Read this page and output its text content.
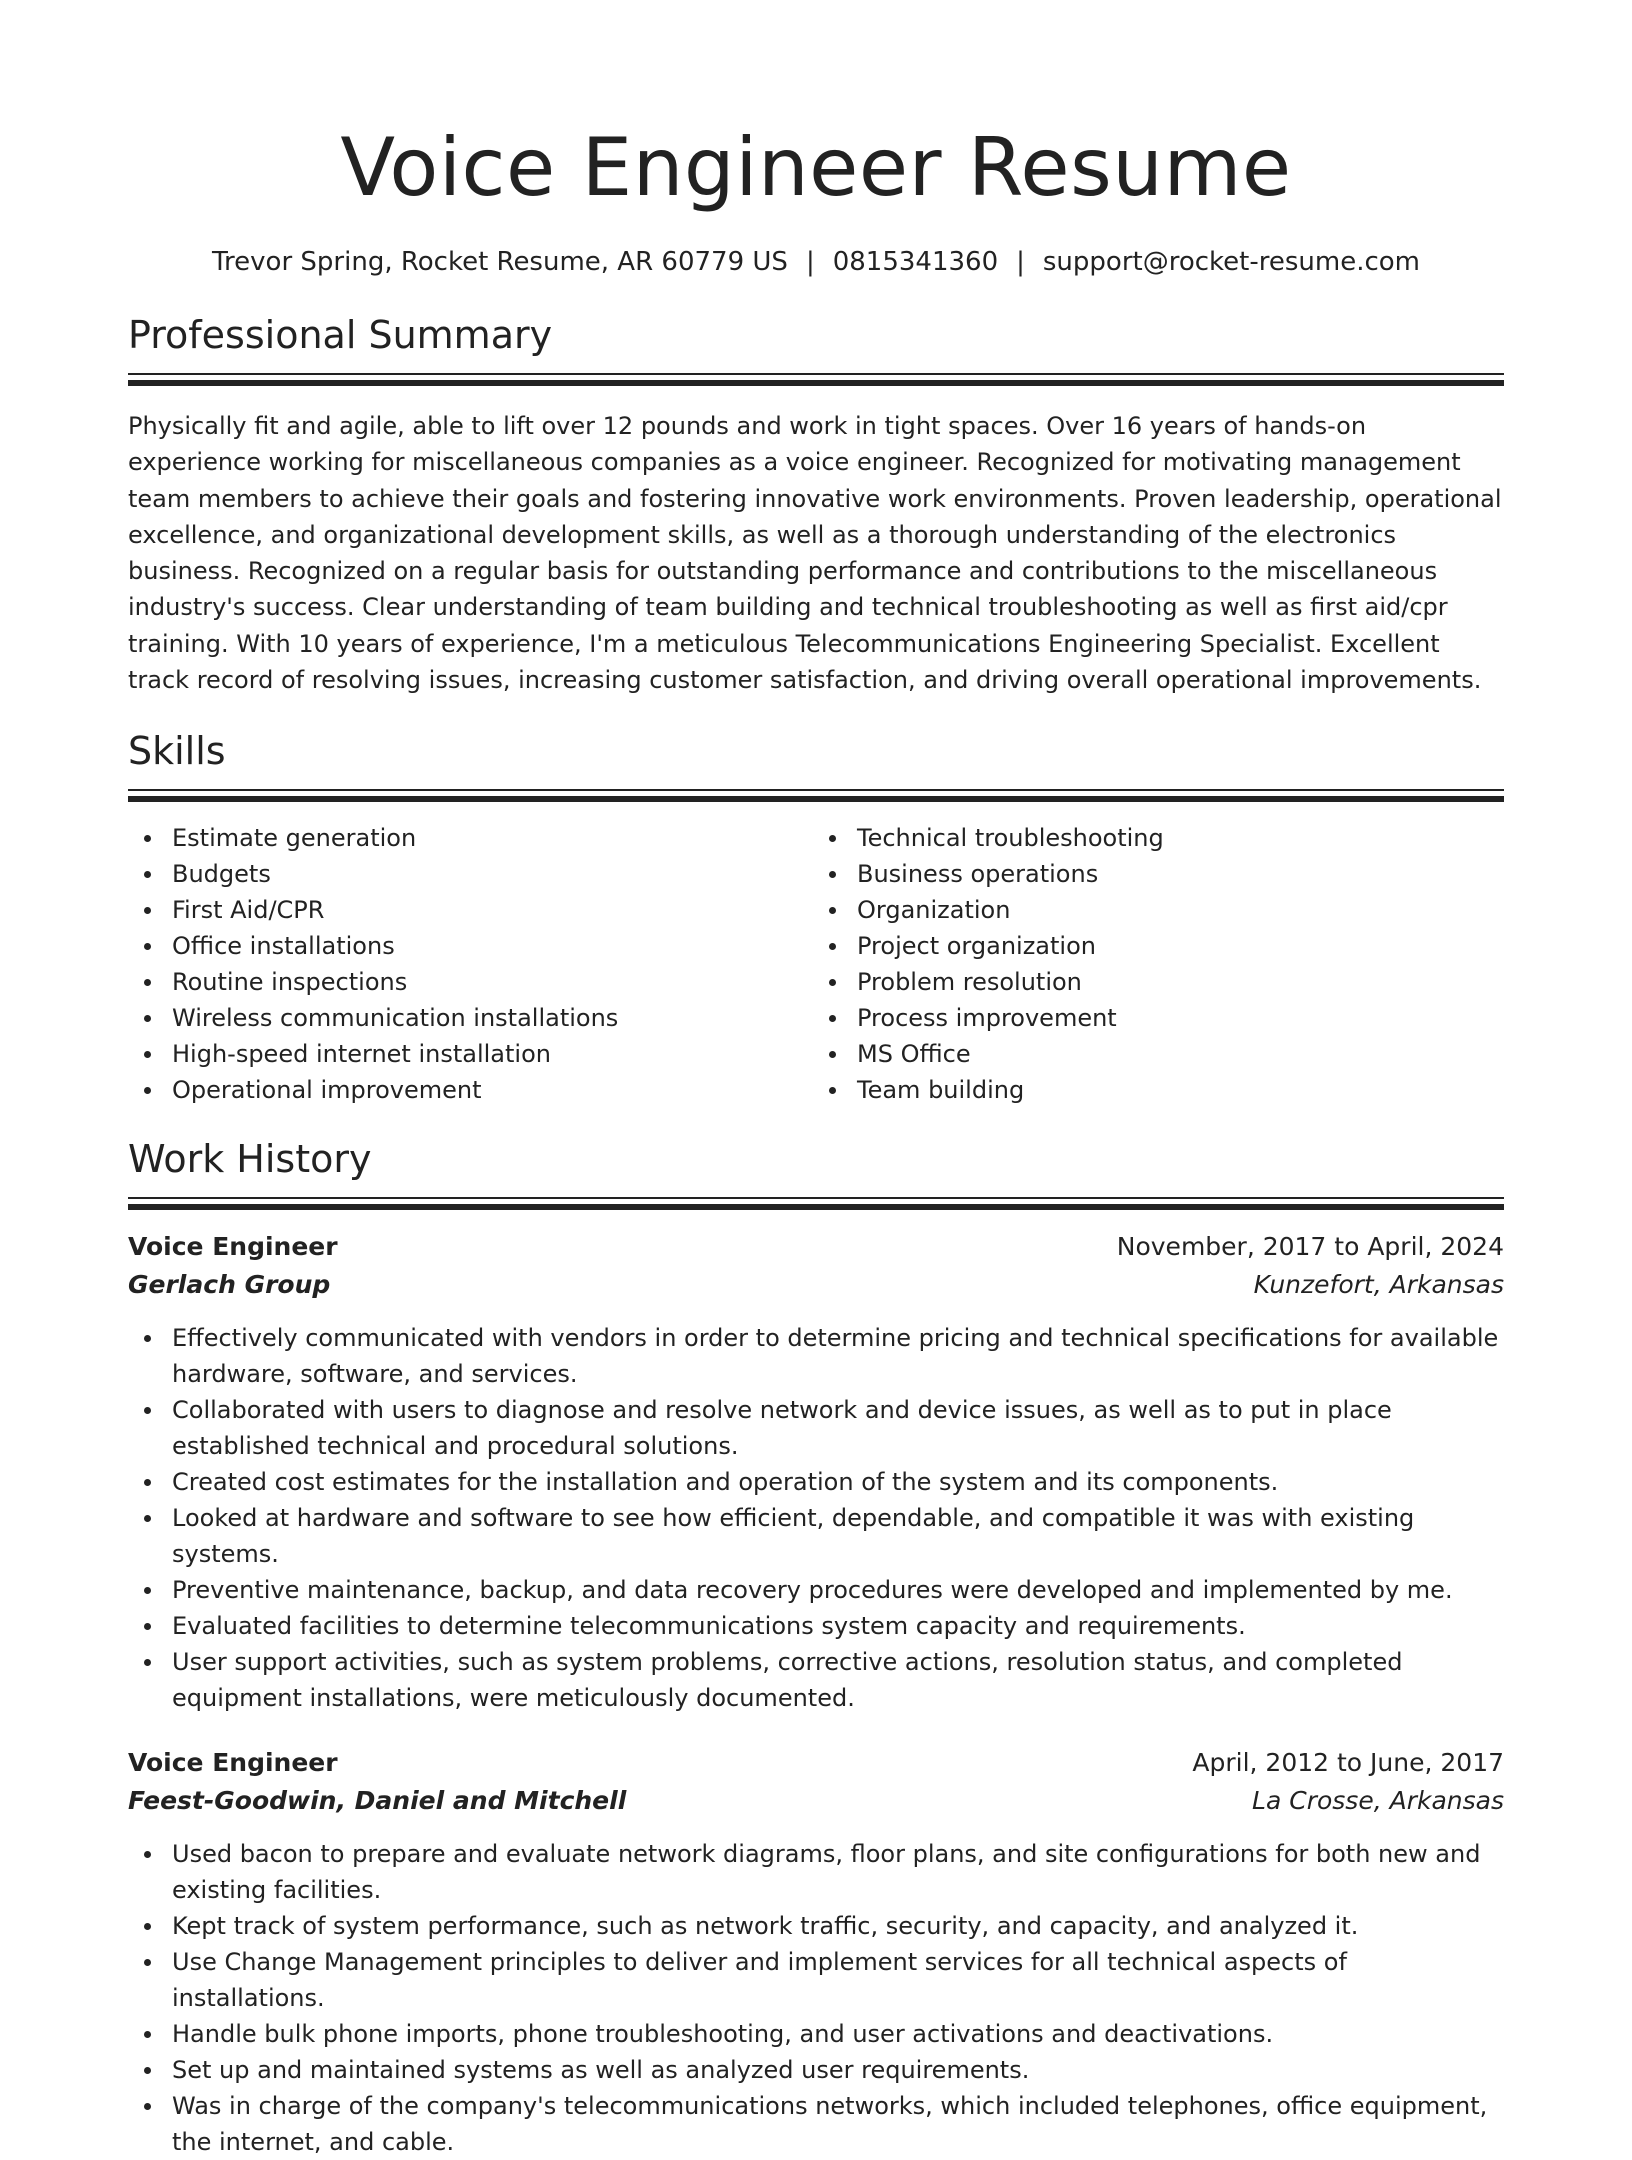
Voice Engineer Resume
Trevor Spring, Rocket Resume, AR 60779 US | 0815341360 | support@rocket-resume.com
Professional Summary

Physically fit and agile, able to lift over 12 pounds and work in tight spaces. Over 16 years of hands-on experience working for miscellaneous companies as a voice engineer. Recognized for motivating management team members to achieve their goals and fostering innovative work environments. Proven leadership, operational excellence, and organizational development skills, as well as a thorough understanding of the electronics business. Recognized on a regular basis for outstanding performance and contributions to the miscellaneous industry's success. Clear understanding of team building and technical troubleshooting as well as first aid/cpr training. With 10 years of experience, I'm a meticulous Telecommunications Engineering Specialist. Excellent track record of resolving issues, increasing customer satisfaction, and driving overall operational improvements.

Skills
Estimate generation
Budgets
First Aid/CPR
Office installations
Routine inspections
Wireless communication installations
High-speed internet installation
Operational improvement
Technical troubleshooting
Business operations
Organization
Project organization
Problem resolution
Process improvement
MS Office
Team building
Work History
Voice Engineer	November, 2017 to April, 2024
Gerlach Group	Kunzefort, Arkansas
Effectively communicated with vendors in order to determine pricing and technical specifications for available hardware, software, and services.
Collaborated with users to diagnose and resolve network and device issues, as well as to put in place established technical and procedural solutions.
Created cost estimates for the installation and operation of the system and its components.
Looked at hardware and software to see how efficient, dependable, and compatible it was with existing systems.
Preventive maintenance, backup, and data recovery procedures were developed and implemented by me.
Evaluated facilities to determine telecommunications system capacity and requirements.
User support activities, such as system problems, corrective actions, resolution status, and completed equipment installations, were meticulously documented.
Voice Engineer	April, 2012 to June, 2017
Feest-Goodwin, Daniel and Mitchell	La Crosse, Arkansas
Used bacon to prepare and evaluate network diagrams, floor plans, and site configurations for both new and existing facilities.
Kept track of system performance, such as network traffic, security, and capacity, and analyzed it.
Use Change Management principles to deliver and implement services for all technical aspects of installations.
Handle bulk phone imports, phone troubleshooting, and user activations and deactivations.
Set up and maintained systems as well as analyzed user requirements.
Was in charge of the company's telecommunications networks, which included telephones, office equipment, the internet, and cable.
